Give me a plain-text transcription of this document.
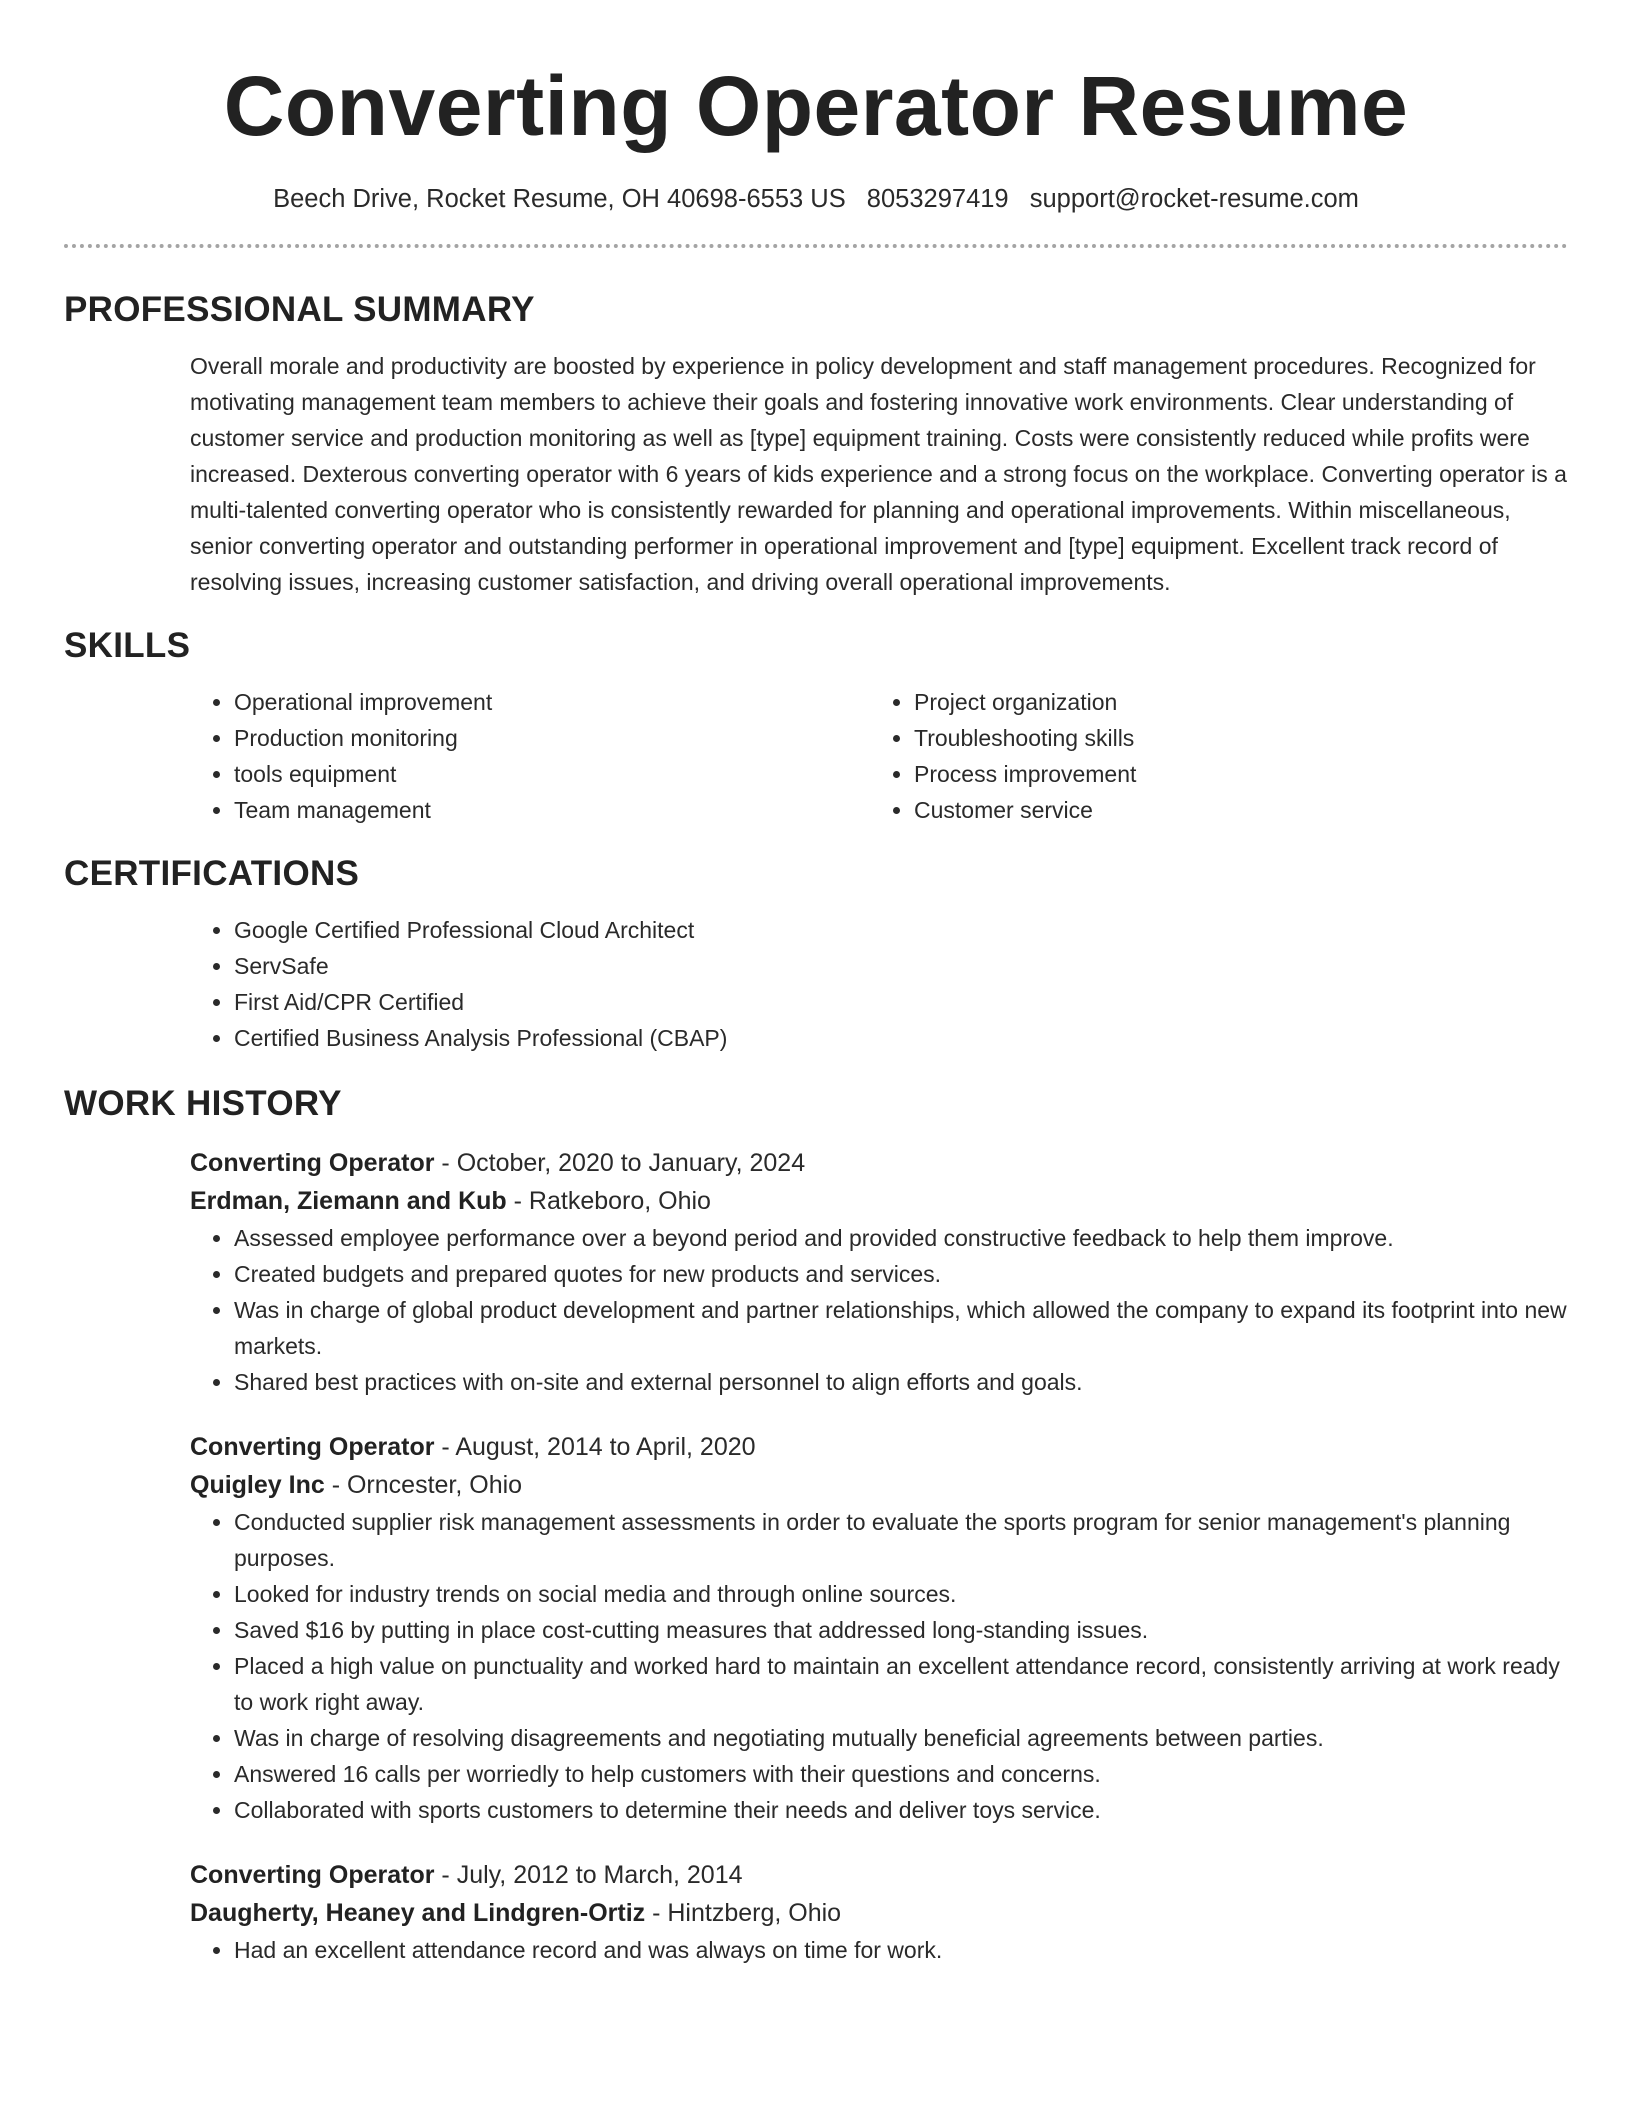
Converting Operator Resume
Beech Drive, Rocket Resume, OH 40698-6553 US 8053297419 support@rocket-resume.com
PROFESSIONAL SUMMARY

Overall morale and productivity are boosted by experience in policy development and staff management procedures. Recognized for motivating management team members to achieve their goals and fostering innovative work environments. Clear understanding of customer service and production monitoring as well as [type] equipment training. Costs were consistently reduced while profits were increased. Dexterous converting operator with 6 years of kids experience and a strong focus on the workplace. Converting operator is a multi-talented converting operator who is consistently rewarded for planning and operational improvements. Within miscellaneous, senior converting operator and outstanding performer in operational improvement and [type] equipment. Excellent track record of resolving issues, increasing customer satisfaction, and driving overall operational improvements.

SKILLS
• Operational improvement
• Production monitoring
• tools equipment
• Team management
• Project organization
• Troubleshooting skills
• Process improvement
• Customer service
CERTIFICATIONS
• Google Certified Professional Cloud Architect
• ServSafe
• First Aid/CPR Certified
• Certified Business Analysis Professional (CBAP)
WORK HISTORY
Converting Operator - October, 2020 to January, 2024
Erdman, Ziemann and Kub - Ratkeboro, Ohio
• Assessed employee performance over a beyond period and provided constructive feedback to help them improve.
• Created budgets and prepared quotes for new products and services.
• Was in charge of global product development and partner relationships, which allowed the company to expand its footprint into new markets.
• Shared best practices with on-site and external personnel to align efforts and goals.
Converting Operator - August, 2014 to April, 2020
Quigley Inc - Orncester, Ohio
• Conducted supplier risk management assessments in order to evaluate the sports program for senior management's planning purposes.
• Looked for industry trends on social media and through online sources.
• Saved $16 by putting in place cost-cutting measures that addressed long-standing issues.
• Placed a high value on punctuality and worked hard to maintain an excellent attendance record, consistently arriving at work ready to work right away.
• Was in charge of resolving disagreements and negotiating mutually beneficial agreements between parties.
• Answered 16 calls per worriedly to help customers with their questions and concerns.
• Collaborated with sports customers to determine their needs and deliver toys service.
Converting Operator - July, 2012 to March, 2014
Daugherty, Heaney and Lindgren-Ortiz - Hintzberg, Ohio
• Had an excellent attendance record and was always on time for work.
